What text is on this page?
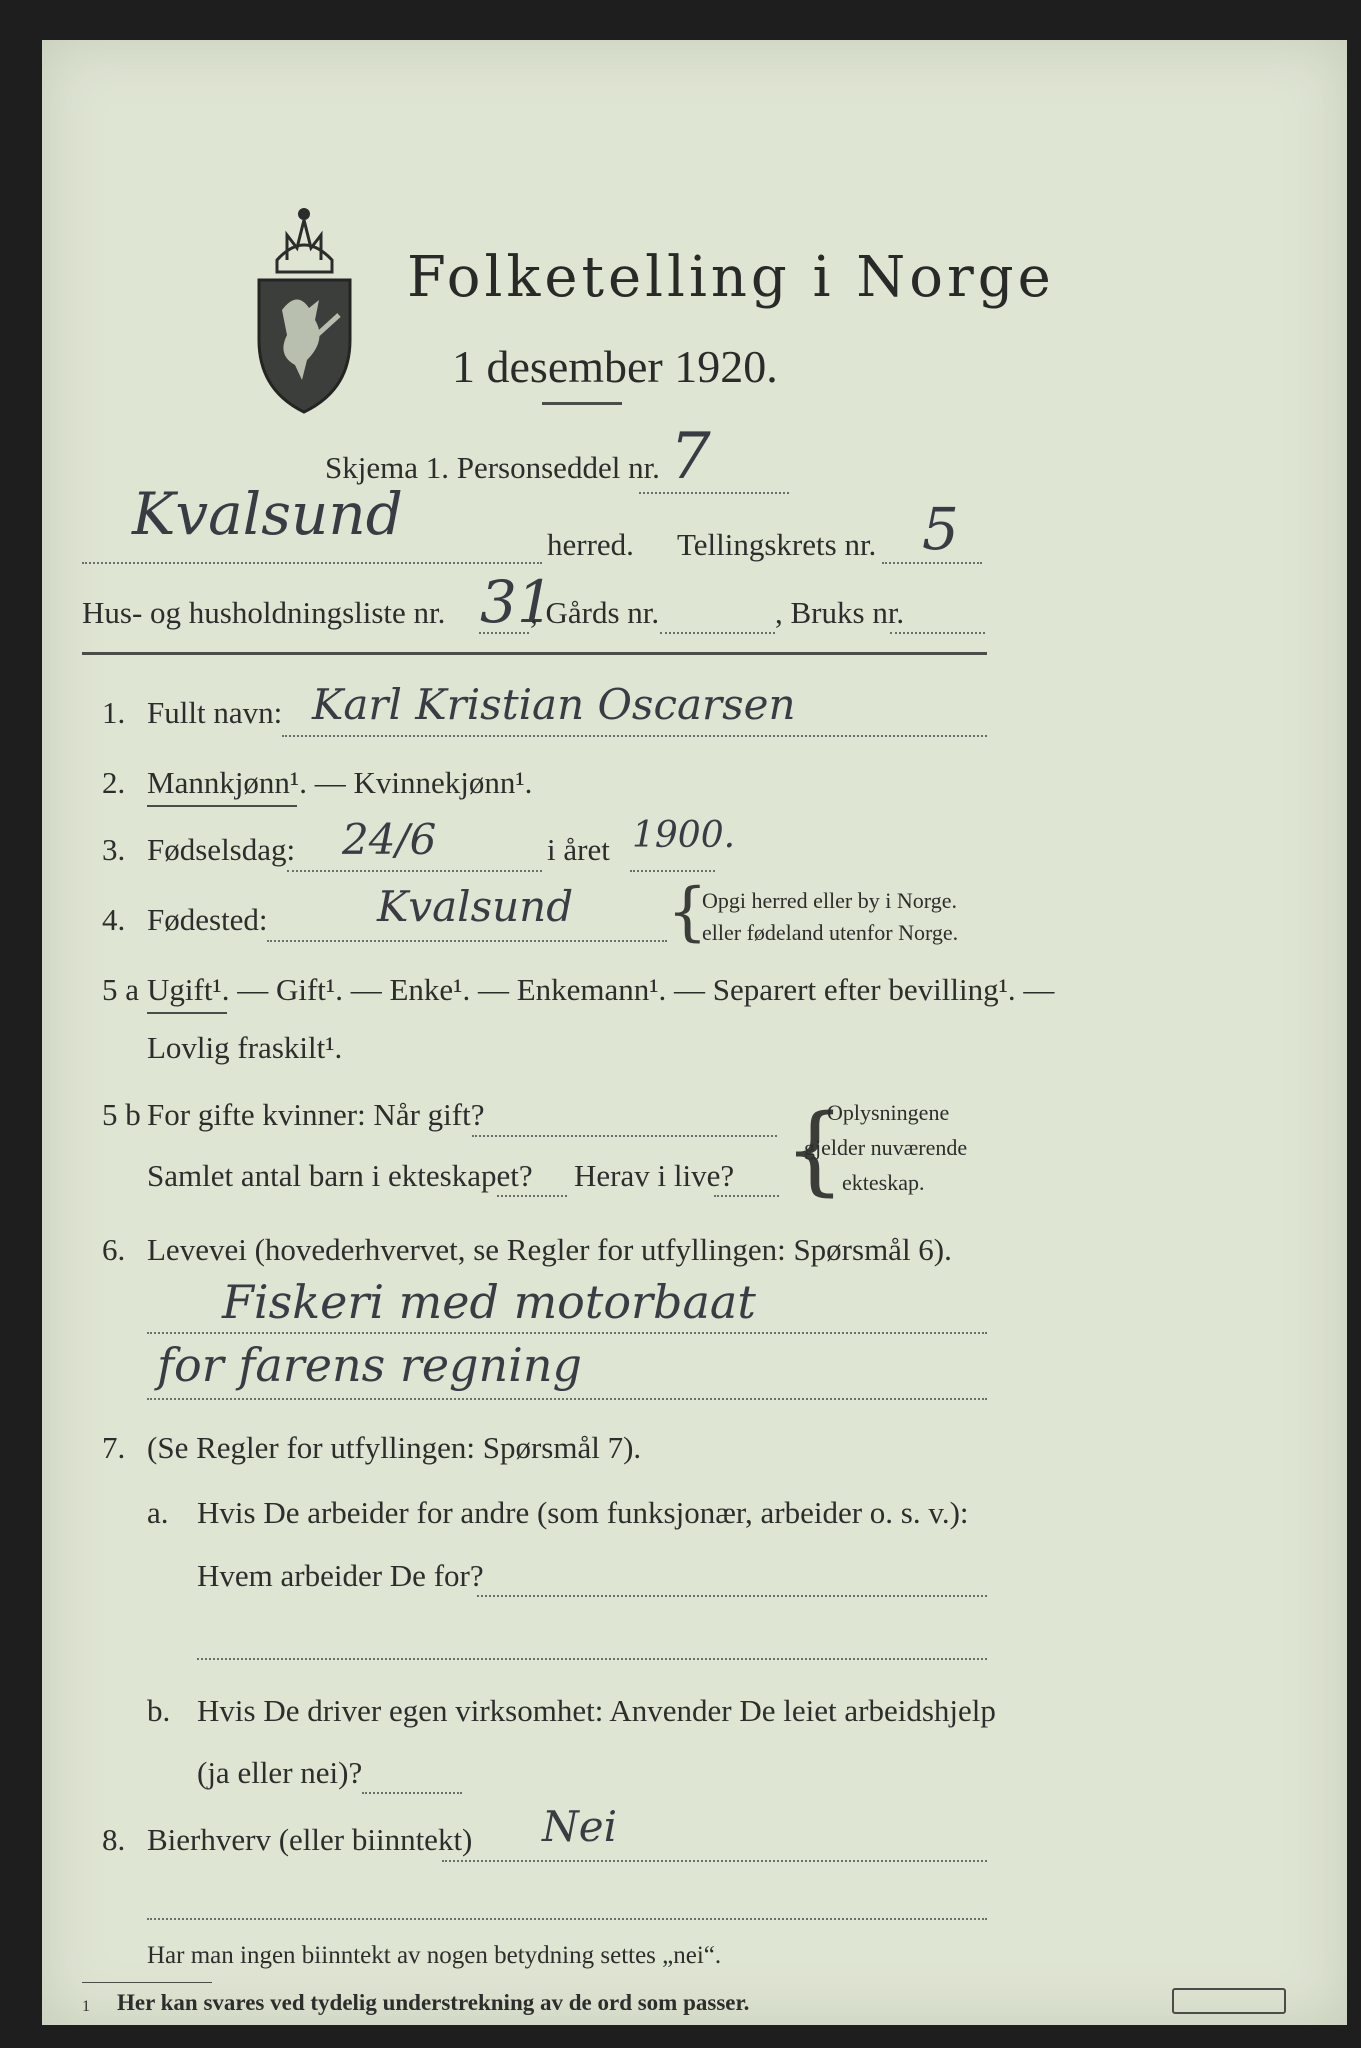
Folketelling i Norge
1 desember 1920.
Skjema 1. Personseddel nr. 7
Kvalsund	herred. Tellingskrets nr. 5
Hus- og husholdningsliste nr. 31
, Gårds nr.	, Bruks nr.
1. Fullt navn: Karl Kristian Oscarsen
2. Mannkjønn¹. — Kvinnekjønn¹.
3. Fødselsdag: 24/6	i året 1900.
4. Fødested:	Kvalsund {
Opgi herred eller by i Norge.
eller fødeland utenfor Norge.
5 a Ugift¹. — Gift¹. — Enke¹. — Enkemann¹. — Separert efter bevilling¹. —
Lovlig fraskilt¹.
5 b For gifte kvinner: Når gift?
Samlet antal barn i ekteskapet? Herav i live? {
Oplysningene
gjelder nuværende
ekteskap.
6. Levevei (hovederhvervet, se Regler for utfyllingen: Spørsmål 6).
Fiskeri med motorbaat
for farens regning
7. (Se Regler for utfyllingen: Spørsmål 7).
a. Hvis De arbeider for andre (som funksjonær, arbeider o. s. v.):
Hvem arbeider De for?
b. Hvis De driver egen virksomhet: Anvender De leiet arbeidshjelp
(ja eller nei)?
8. Bierhverv (eller biinntekt) Nei
Har man ingen biinntekt av nogen betydning settes „nei“.
1 Her kan svares ved tydelig understrekning av de ord som passer.
